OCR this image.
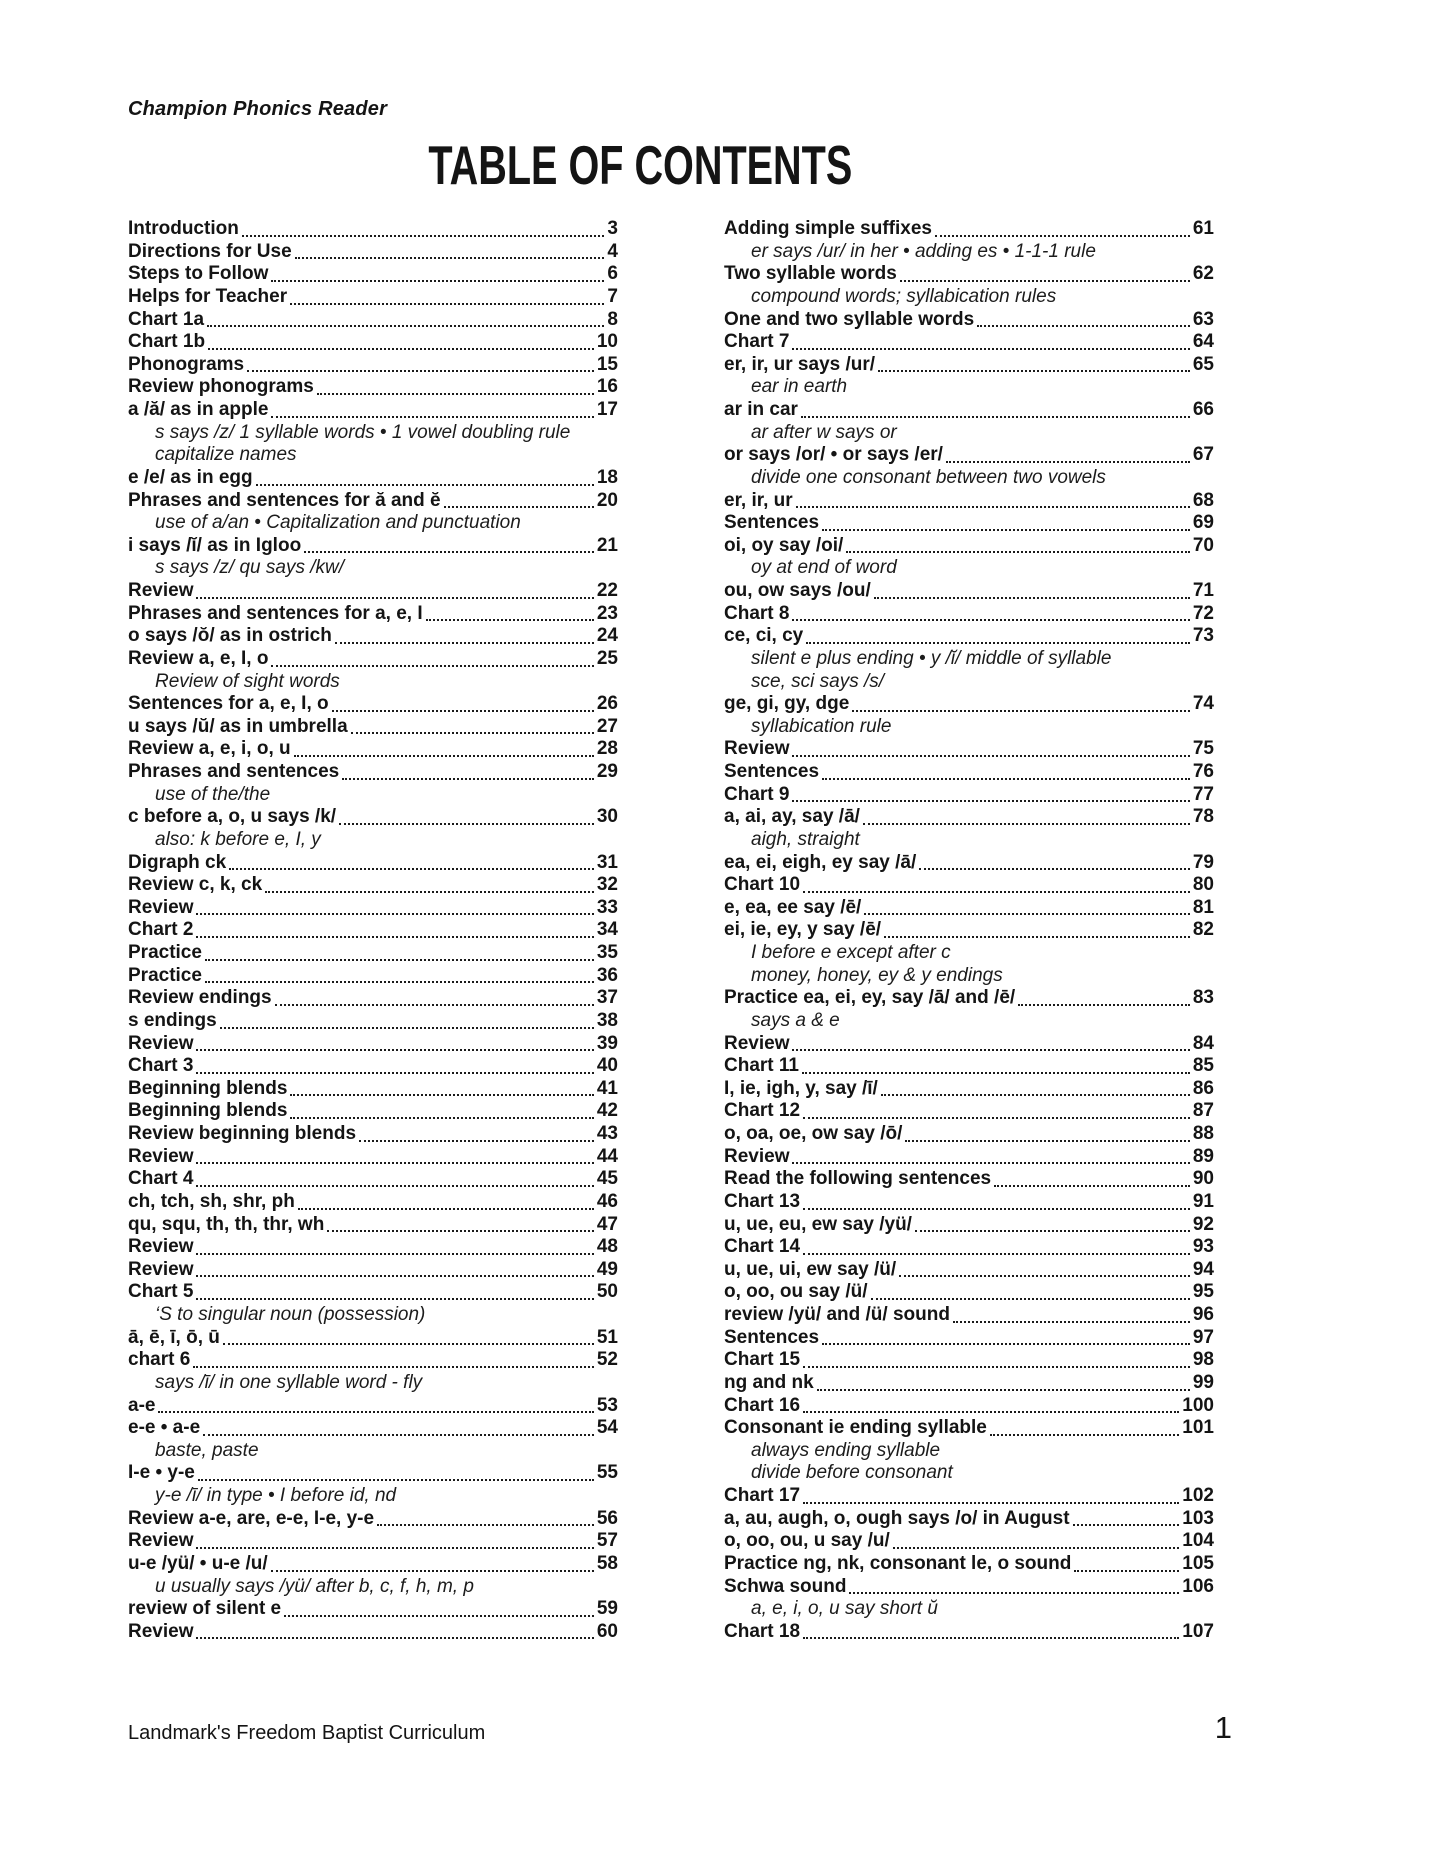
Champion Phonics Reader
TABLE OF CONTENTS
Introduction	3
Directions for Use	4
Steps to Follow	6
Helps for Teacher	7
Chart 1a	8
Chart 1b	10
Phonograms	15
Review phonograms	16
a /ă/ as in apple	17
s says /z/ 1 syllable words • 1 vowel doubling rule
capitalize names
e /e/ as in egg	18
Phrases and sentences for ă and ĕ	20
use of a/an • Capitalization and punctuation
i says /ĭ/ as in Igloo	21
s says /z/ qu says /kw/
Review	22
Phrases and sentences for a, e, I	23
o says /ŏ/ as in ostrich	24
Review a, e, I, o	25
Review of sight words
Sentences for a, e, I, o	26
u says /ŭ/ as in umbrella	27
Review a, e, i, o, u	28
Phrases and sentences	29
use of the/the
c before a, o, u says /k/	30
also: k before e, I, y
Digraph ck	31
Review c, k, ck	32
Review	33
Chart 2	34
Practice	35
Practice	36
Review endings	37
s endings	38
Review	39
Chart 3	40
Beginning blends	41
Beginning blends	42
Review beginning blends	43
Review	44
Chart 4	45
ch, tch, sh, shr, ph	46
qu, squ, th, th, thr, wh	47
Review	48
Review	49
Chart 5	50
‘S to singular noun (possession)
ā, ē, ī, ō, ū	51
chart 6	52
says /ī/ in one syllable word - fly
a-e	53
e-e • a-e	54
baste, paste
I-e • y-e	55
y-e /ī/ in type • I before id, nd
Review a-e, are, e-e, I-e, y-e	56
Review	57
u-e /yü/ • u-e /u/	58
u usually says /yü/ after b, c, f, h, m, p
review of silent e	59
Review	60
Adding simple suffixes	61
er says /ur/ in her • adding es • 1-1-1 rule
Two syllable words	62
compound words; syllabication rules
One and two syllable words	63
Chart 7	64
er, ir, ur says /ur/	65
ear in earth
ar in car	66
ar after w says or
or says /or/ • or says /er/	67
divide one consonant between two vowels
er, ir, ur	68
Sentences	69
oi, oy say /oi/	70
oy at end of word
ou, ow says /ou/	71
Chart 8	72
ce, ci, cy	73
silent e plus ending • y /ĭ/ middle of syllable
sce, sci says /s/
ge, gi, gy, dge	74
syllabication rule
Review	75
Sentences	76
Chart 9	77
a, ai, ay, say /ā/	78
aigh, straight
ea, ei, eigh, ey say /ā/	79
Chart 10	80
e, ea, ee say /ē/	81
ei, ie, ey, y say /ē/	82
I before e except after c
money, honey, ey & y endings
Practice ea, ei, ey, say /ā/ and /ē/	83
says a & e
Review	84
Chart 11	85
I, ie, igh, y, say /ī/	86
Chart 12	87
o, oa, oe, ow say /ō/	88
Review	89
Read the following sentences	90
Chart 13	91
u, ue, eu, ew say /yü/	92
Chart 14	93
u, ue, ui, ew say /ü/	94
o, oo, ou say /ü/	95
review /yü/ and /ü/ sound	96
Sentences	97
Chart 15	98
ng and nk	99
Chart 16	100
Consonant ie ending syllable	101
always ending syllable
divide before consonant
Chart 17	102
a, au, augh, o, ough says /o/ in August	103
o, oo, ou, u say /u/	104
Practice ng, nk, consonant le, o sound	105
Schwa sound	106
a, e, i, o, u say short ŭ
Chart 18	107
Landmark's Freedom Baptist Curriculum	1
